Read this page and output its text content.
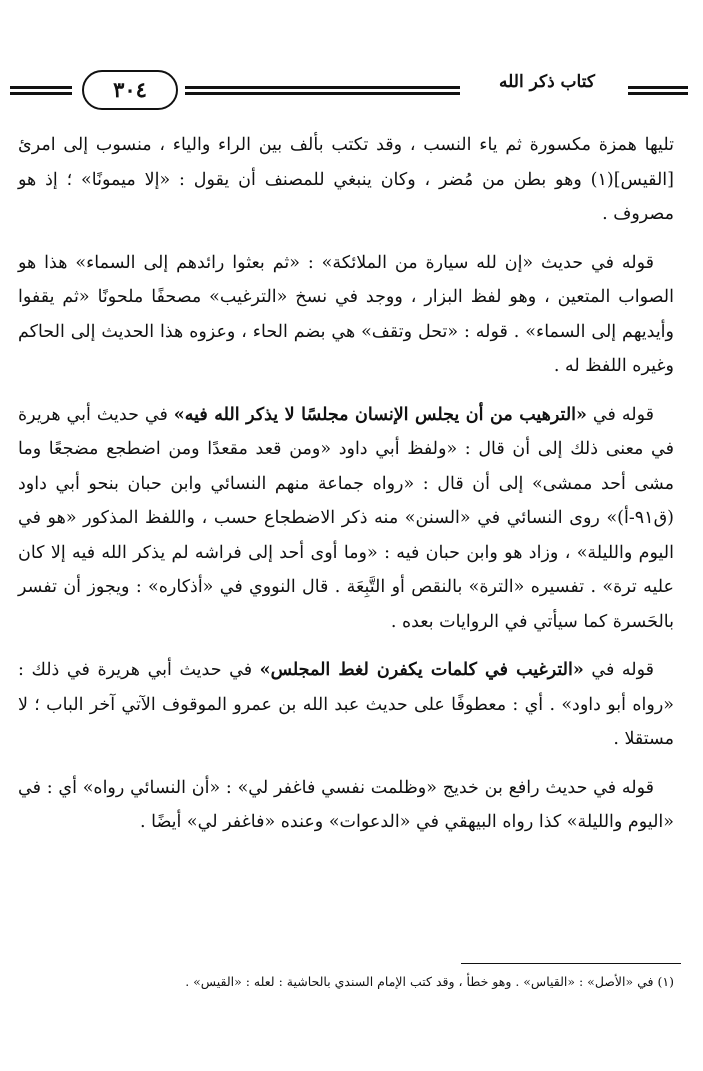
كتاب ذكر الله
٣٠٤

تليها همزة مكسورة ثم ياء النسب ، وقد تكتب بألف بين الراء والياء ، منسوب إلى امرئ [القيس](١) وهو بطن من مُضر ، وكان ينبغي للمصنف أن يقول : «إلا ميمونًا» ؛ إذ هو مصروف .

قوله في حديث «إن لله سيارة من الملائكة» : «ثم بعثوا رائدهم إلى السماء» هذا هو الصواب المتعين ، وهو لفظ البزار ، ووجد في نسخ «الترغيب» مصحفًا ملحونًا «ثم يقفوا وأيديهم إلى السماء» . قوله : «تحل وتقف» هي بضم الحاء ، وعزوه هذا الحديث إلى الحاكم وغيره اللفظ له .

قوله في «الترهيب من أن يجلس الإنسان مجلسًا لا يذكر الله فيه» في حديث أبي هريرة في معنى ذلك إلى أن قال : «ولفظ أبي داود «ومن قعد مقعدًا ومن اضطجع مضجعًا وما مشى أحد ممشى» إلى أن قال : «رواه جماعة منهم النسائي وابن حبان بنحو أبي داود (ق٩١-أ)» روى النسائي في «السنن» منه ذكر الاضطجاع حسب ، واللفظ المذكور «هو في اليوم والليلة» ، وزاد هو وابن حبان فيه : «وما أوى أحد إلى فراشه لم يذكر الله فيه إلا كان عليه ترة» . تفسيره «الترة» بالنقص أو التَّبِعَة . قال النووي في «أذكاره» : ويجوز أن تفسر بالحَسرة كما سيأتي في الروايات بعده .

قوله في «الترغيب في كلمات يكفرن لغط المجلس» في حديث أبي هريرة في ذلك : «رواه أبو داود» . أي : معطوفًا على حديث عبد الله بن عمرو الموقوف الآتي آخر الباب ؛ لا مستقلا .

قوله في حديث رافع بن خديج «وظلمت نفسي فاغفر لي» : «أن النسائي رواه» أي : في «اليوم والليلة» كذا رواه البيهقي في «الدعوات» وعنده «فاغفر لي» أيضًا .

(١) في «الأصل» : «القياس» . وهو خطأ ، وقد كتب الإمام السندي بالحاشية : لعله : «القيس» .
